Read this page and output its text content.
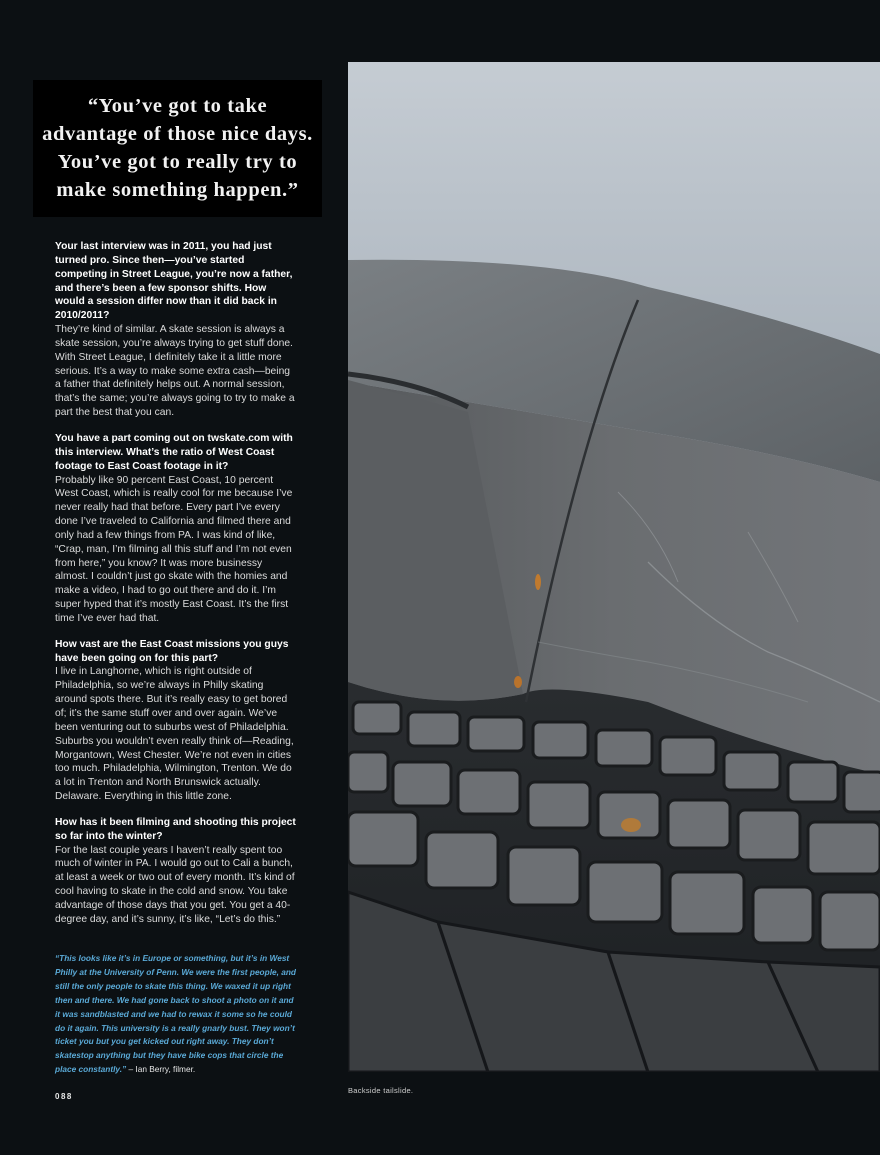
“You’ve got to take advantage of those nice days. You’ve got to really try to make something happen.”
Your last interview was in 2011, you had just turned pro. Since then—you’ve started competing in Street League, you’re now a father, and there’s been a few sponsor shifts. How would a session differ now than it did back in 2010/2011?
They’re kind of similar. A skate session is always a skate session, you’re always trying to get stuff done. With Street League, I definitely take it a little more serious. It’s a way to make some extra cash—being a father that definitely helps out. A normal session, that’s the same; you’re always going to try to make a part the best that you can.
You have a part coming out on twskate.com with this interview. What’s the ratio of West Coast footage to East Coast footage in it?
Probably like 90 percent East Coast, 10 percent West Coast, which is really cool for me because I’ve never really had that before. Every part I’ve every done I’ve traveled to California and filmed there and only had a few things from PA. I was kind of like, “Crap, man, I’m filming all this stuff and I’m not even from here,” you know? It was more businessy almost. I couldn’t just go skate with the homies and make a video, I had to go out there and do it. I’m super hyped that it’s mostly East Coast. It’s the first time I’ve ever had that.
How vast are the East Coast missions you guys have been going on for this part?
I live in Langhorne, which is right outside of Philadelphia, so we’re always in Philly skating around spots there. But it’s really easy to get bored of; it’s the same stuff over and over again. We’ve been venturing out to suburbs west of Philadelphia. Suburbs you wouldn’t even really think of—Reading, Morgantown, West Chester. We’re not even in cities too much. Philadelphia, Wilmington, Trenton. We do a lot in Trenton and North Brunswick actually. Delaware. Everything in this little zone.
How has it been filming and shooting this project so far into the winter?
For the last couple years I haven’t really spent too much of winter in PA. I would go out to Cali a bunch, at least a week or two out of every month. It’s kind of cool having to skate in the cold and snow. You take advantage of those days that you get. You get a 40-degree day, and it’s sunny, it’s like, “Let’s do this.”
“This looks like it’s in Europe or something, but it’s in West Philly at the University of Penn. We were the first people, and still the only people to skate this thing. We waxed it up right then and there. We had gone back to shoot a photo on it and it was sandblasted and we had to rewax it some so he could do it again. This university is a really gnarly bust. They won’t ticket you but you get kicked out right away. They don’t skatestop anything but they have bike cops that circle the place constantly.” – Ian Berry, filmer.
088
Backside tailslide.
